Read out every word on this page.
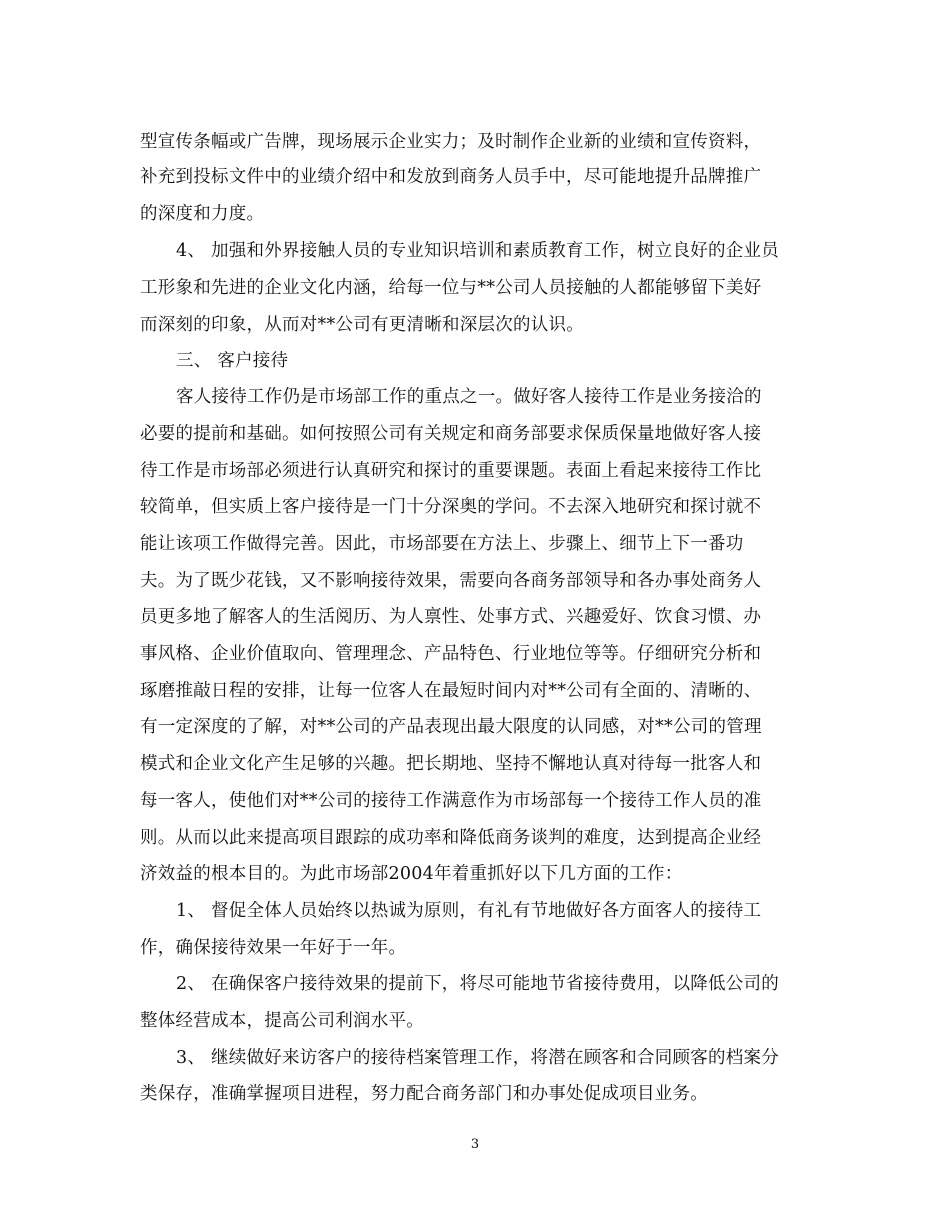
型宣传条幅或广告牌，现场展示企业实力；及时制作企业新的业绩和宣传资料，
补充到投标文件中的业绩介绍中和发放到商务人员手中，尽可能地提升品牌推广
的深度和力度。
4、 加强和外界接触人员的专业知识培训和素质教育工作，树立良好的企业员
工形象和先进的企业文化内涵，给每一位与**公司人员接触的人都能够留下美好
而深刻的印象，从而对**公司有更清晰和深层次的认识。
三、 客户接待
客人接待工作仍是市场部工作的重点之一。做好客人接待工作是业务接洽的
必要的提前和基础。如何按照公司有关规定和商务部要求保质保量地做好客人接
待工作是市场部必须进行认真研究和探讨的重要课题。表面上看起来接待工作比
较简单，但实质上客户接待是一门十分深奥的学问。不去深入地研究和探讨就不
能让该项工作做得完善。因此，市场部要在方法上、步骤上、细节上下一番功
夫。为了既少花钱，又不影响接待效果，需要向各商务部领导和各办事处商务人
员更多地了解客人的生活阅历、为人禀性、处事方式、兴趣爱好、饮食习惯、办
事风格、企业价值取向、管理理念、产品特色、行业地位等等。仔细研究分析和
琢磨推敲日程的安排，让每一位客人在最短时间内对**公司有全面的、清晰的、
有一定深度的了解，对**公司的产品表现出最大限度的认同感，对**公司的管理
模式和企业文化产生足够的兴趣。把长期地、坚持不懈地认真对待每一批客人和
每一客人，使他们对**公司的接待工作满意作为市场部每一个接待工作人员的准
则。从而以此来提高项目跟踪的成功率和降低商务谈判的难度，达到提高企业经
济效益的根本目的。为此市场部2004年着重抓好以下几方面的工作：
1、 督促全体人员始终以热诚为原则，有礼有节地做好各方面客人的接待工
作，确保接待效果一年好于一年。
2、 在确保客户接待效果的提前下，将尽可能地节省接待费用，以降低公司的
整体经营成本，提高公司利润水平。
3、 继续做好来访客户的接待档案管理工作，将潜在顾客和合同顾客的档案分
类保存，准确掌握项目进程，努力配合商务部门和办事处促成项目业务。
3
